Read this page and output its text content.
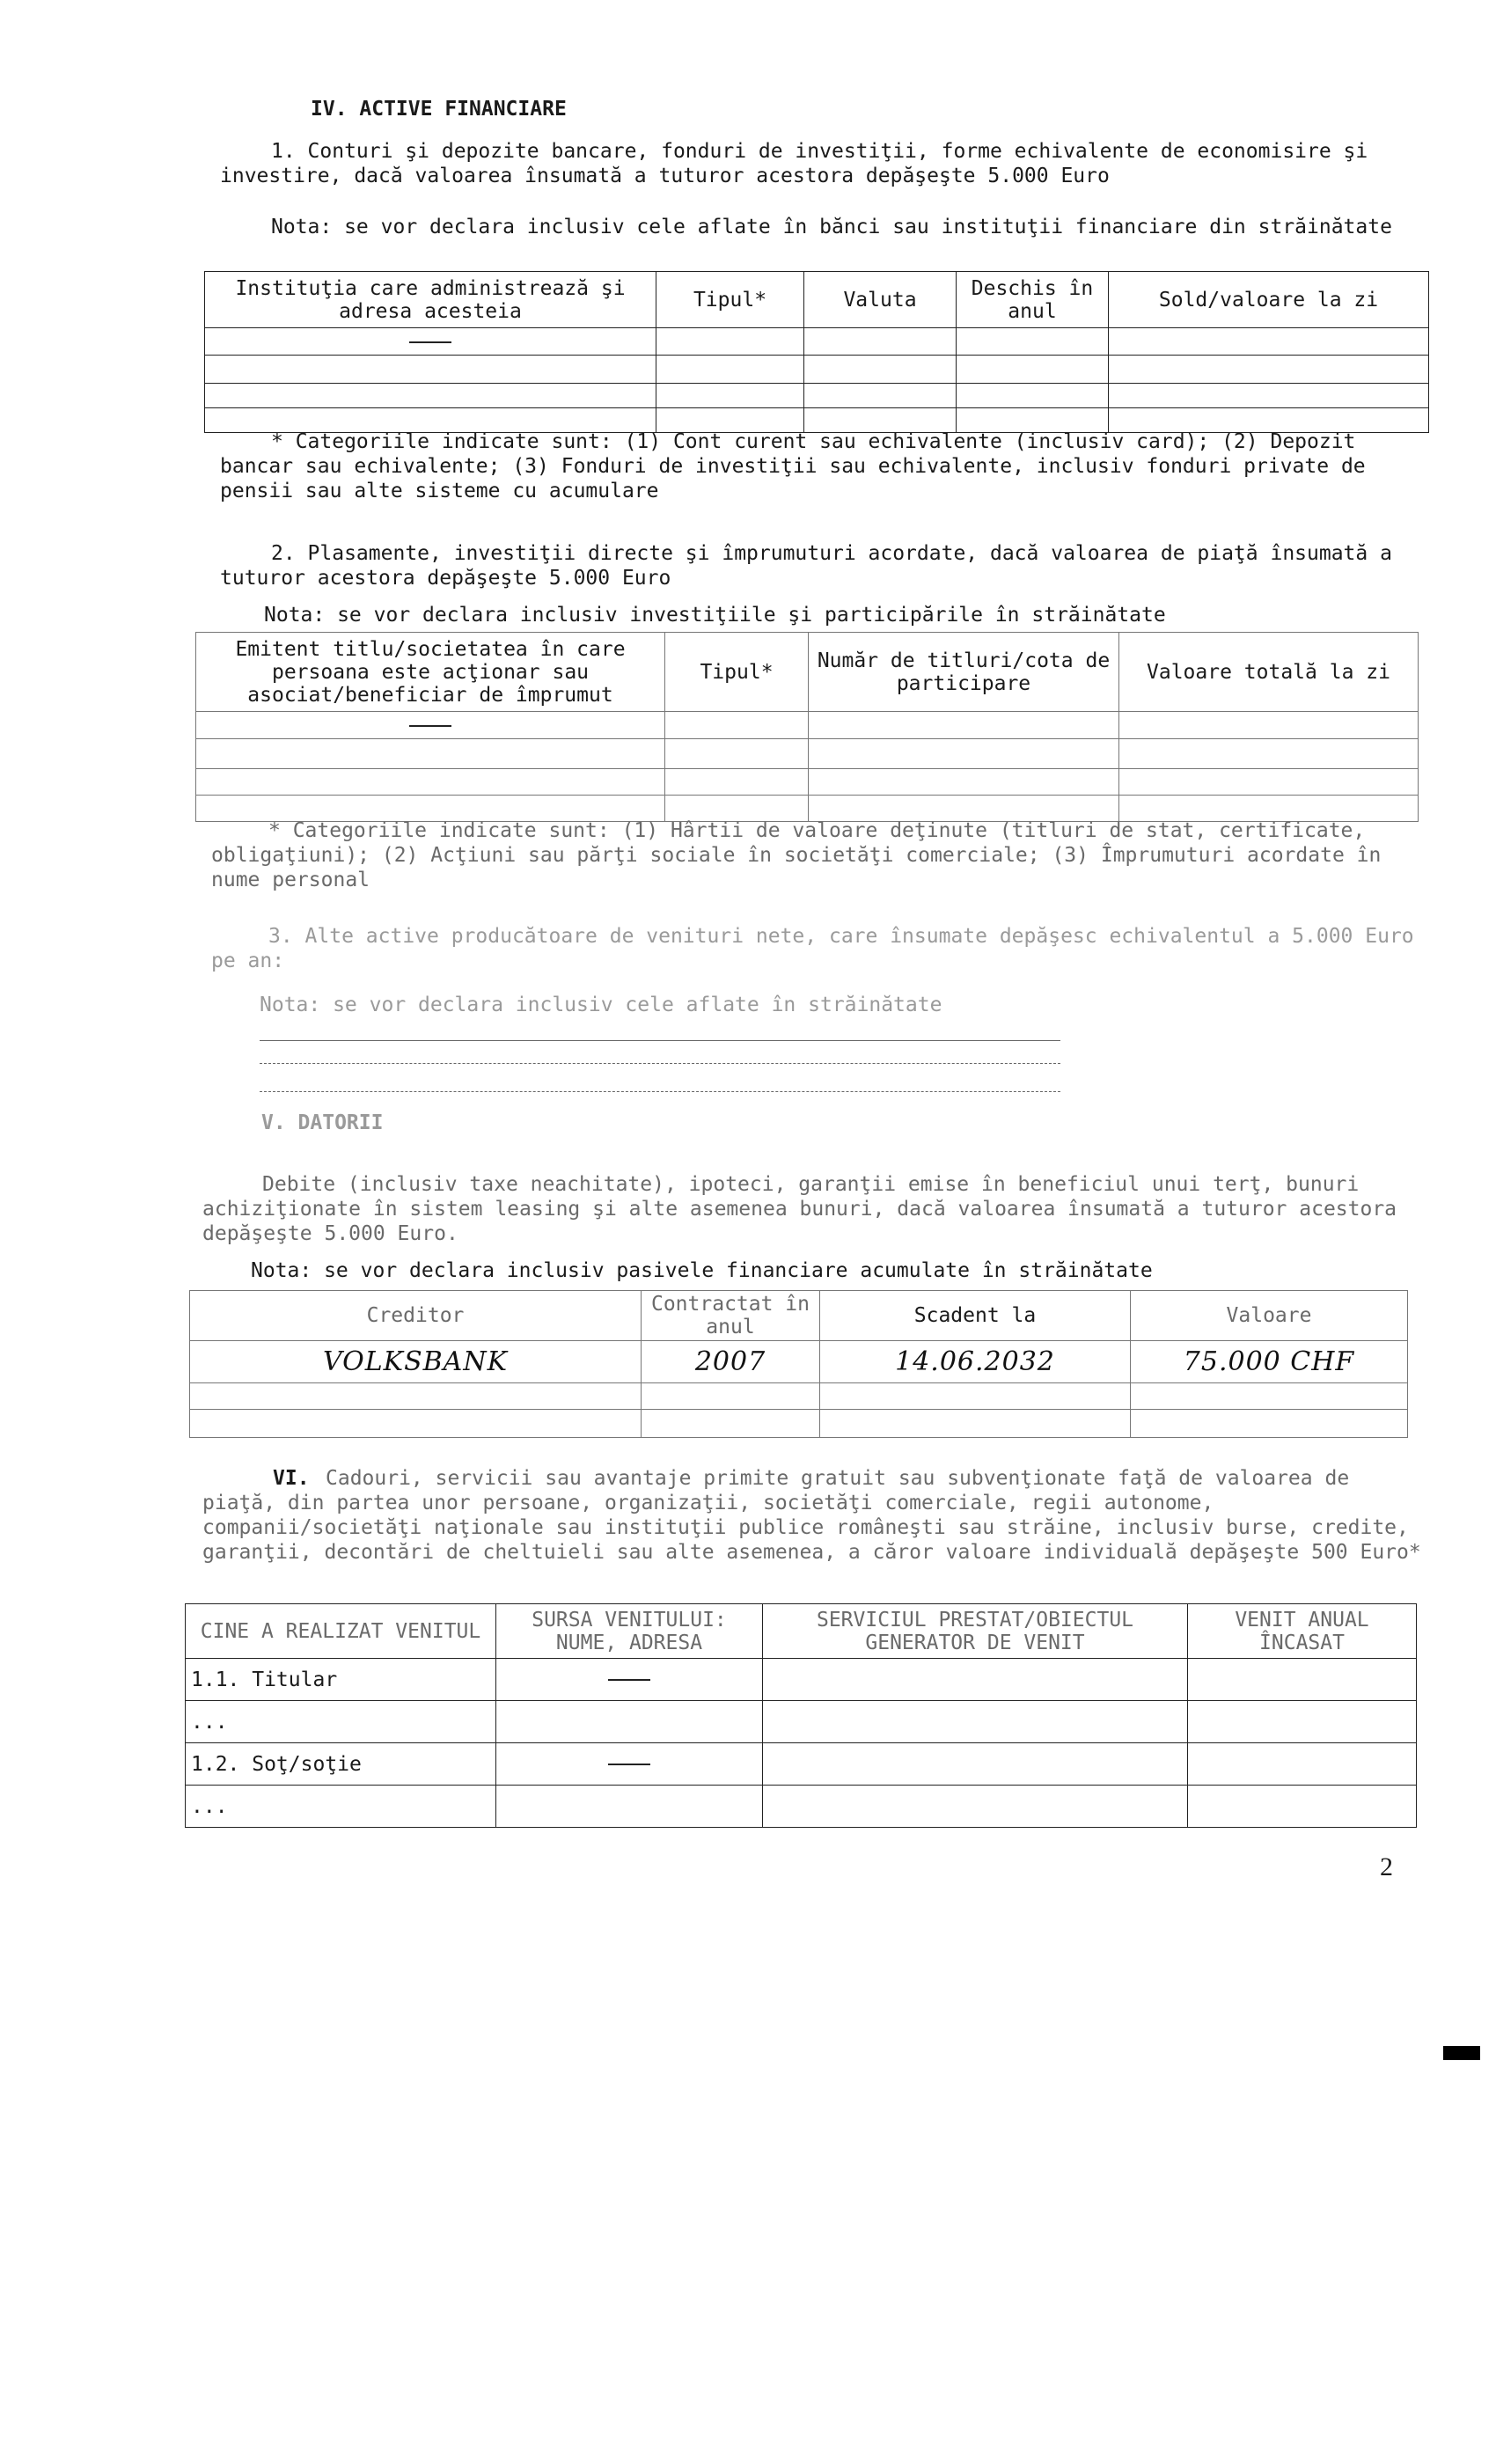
IV. ACTIVE FINANCIARE
1. Conturi şi depozite bancare, fonduri de investiţii, forme echivalente de economisire şi investire, dacă valoarea însumată a tuturor acestora depăşeşte 5.000 Euro
Nota: se vor declara inclusiv cele aflate în bănci sau instituţii financiare din străinătate
Instituţia care administrează şi adresa acesteia	Tipul*	Valuta	Deschis în anul	Sold/valoare la zi

* Categoriile indicate sunt: (1) Cont curent sau echivalente (inclusiv card); (2) Depozit bancar sau echivalente; (3) Fonduri de investiţii sau echivalente, inclusiv fonduri private de pensii sau alte sisteme cu acumulare
2. Plasamente, investiţii directe şi împrumuturi acordate, dacă valoarea de piaţă însumată a tuturor acestora depăşeşte 5.000 Euro
Nota: se vor declara inclusiv investiţiile şi participările în străinătate
Emitent titlu/societatea în care persoana este acţionar sau asociat/beneficiar de împrumut	Tipul*	Număr de titluri/cota de participare	Valoare totală la zi

* Categoriile indicate sunt: (1) Hârtii de valoare deţinute (titluri de stat, certificate, obligaţiuni); (2) Acţiuni sau părţi sociale în societăţi comerciale; (3) Împrumuturi acordate în nume personal
3. Alte active producătoare de venituri nete, care însumate depăşesc echivalentul a 5.000 Euro pe an:
Nota: se vor declara inclusiv cele aflate în străinătate
V. DATORII
Debite (inclusiv taxe neachitate), ipoteci, garanţii emise în beneficiul unui terţ, bunuri achiziţionate în sistem leasing şi alte asemenea bunuri, dacă valoarea însumată a tuturor acestora depăşeşte 5.000 Euro.
Nota: se vor declara inclusiv pasivele financiare acumulate în străinătate
Creditor	Contractat în anul	Scadent la	Valoare
VOLKSBANK	2007	14.06.2032	75.000 CHF

VI. Cadouri, servicii sau avantaje primite gratuit sau subvenţionate faţă de valoarea de piaţă, din partea unor persoane, organizaţii, societăţi comerciale, regii autonome, companii/societăţi naţionale sau instituţii publice româneşti sau străine, inclusiv burse, credite, garanţii, decontări de cheltuieli sau alte asemenea, a căror valoare individuală depăşeşte 500 Euro*
CINE A REALIZAT VENITUL	SURSA VENITULUI: NUME, ADRESA	SERVICIUL PRESTAT/OBIECTUL GENERATOR DE VENIT	VENIT ANUAL ÎNCASAT
1.1. Titular			
...			
1.2. Soţ/soţie			
...			
2
